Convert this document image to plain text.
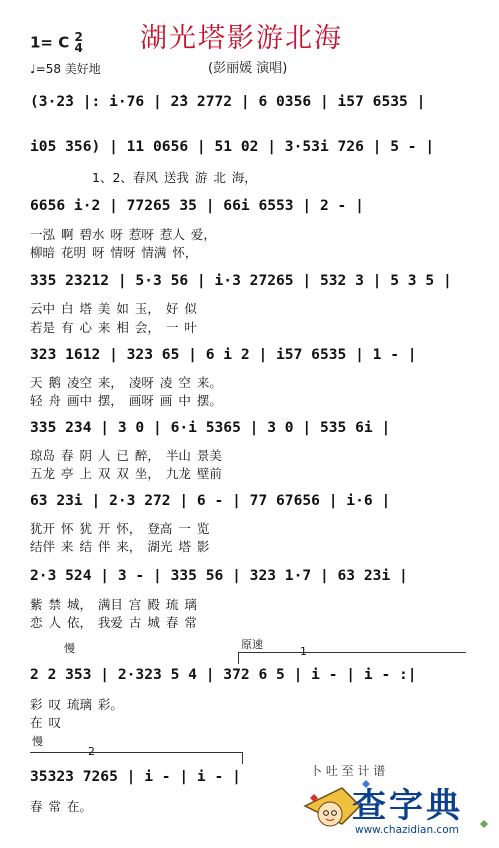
湖光塔影游北海
1= C 2
4
♩=58 美好地	(彭丽媛 演唱)
(3·2̇3 |: i·76 | 2̇3 2772 | 6 0356 | i57 6535 |
i05 356) | 11 0656 | 51 02 | 3·53i 726 | 5 - |
6656 i·2 | 77265 35 | 66i 6553 | 2 - |
335 23212 | 5·3 56 | i·3 27265 | 532 3 | 5 3 5 |
323 1612 | 323 65 | 6 i 2 | i57 6535 | 1 - |
335 234 | 3 0 | 6·i 5365 | 3 0 | 535 6i |
63 23i | 2·3 272 | 6 - | 77 67656 | i·6 |
2·3 524 | 3 - | 335 56 | 323 1·7 | 63 23i |
2 2 353 | 2·323 5 4 | 372 6 5 | i - | i - :|
35323 7265 | i - | i - |
1、2、春风 送我 游 北 海，
一泓 啊 碧水 呀 惹呀 惹人 爱，
柳暗 花明 呀 情呀 情满 怀，
云中 白 塔 美 如 玉， 好 似
若是 有 心 来 相 会， 一 叶
天 鹅 凌空 来， 凌呀 凌 空 来。
轻 舟 画中 摆， 画呀 画 中 摆。
琼岛 春 阴 人 已 醉， 半山 景美
五龙 亭 上 双 双 坐， 九龙 壁前
犹开 怀 犹 开 怀， 登高 一 览
结伴 来 结 伴 来， 湖光 塔 影
紫 禁 城， 满目 宫 殿 琉 璃
恋 人 依， 我爱 古 城 春 常
彩 叹 琉璃 彩。
在 叹
春 常 在。
慢	原速
1
慢
2
卜 吐 至 计 谱
查字典
www.chazidian.com
